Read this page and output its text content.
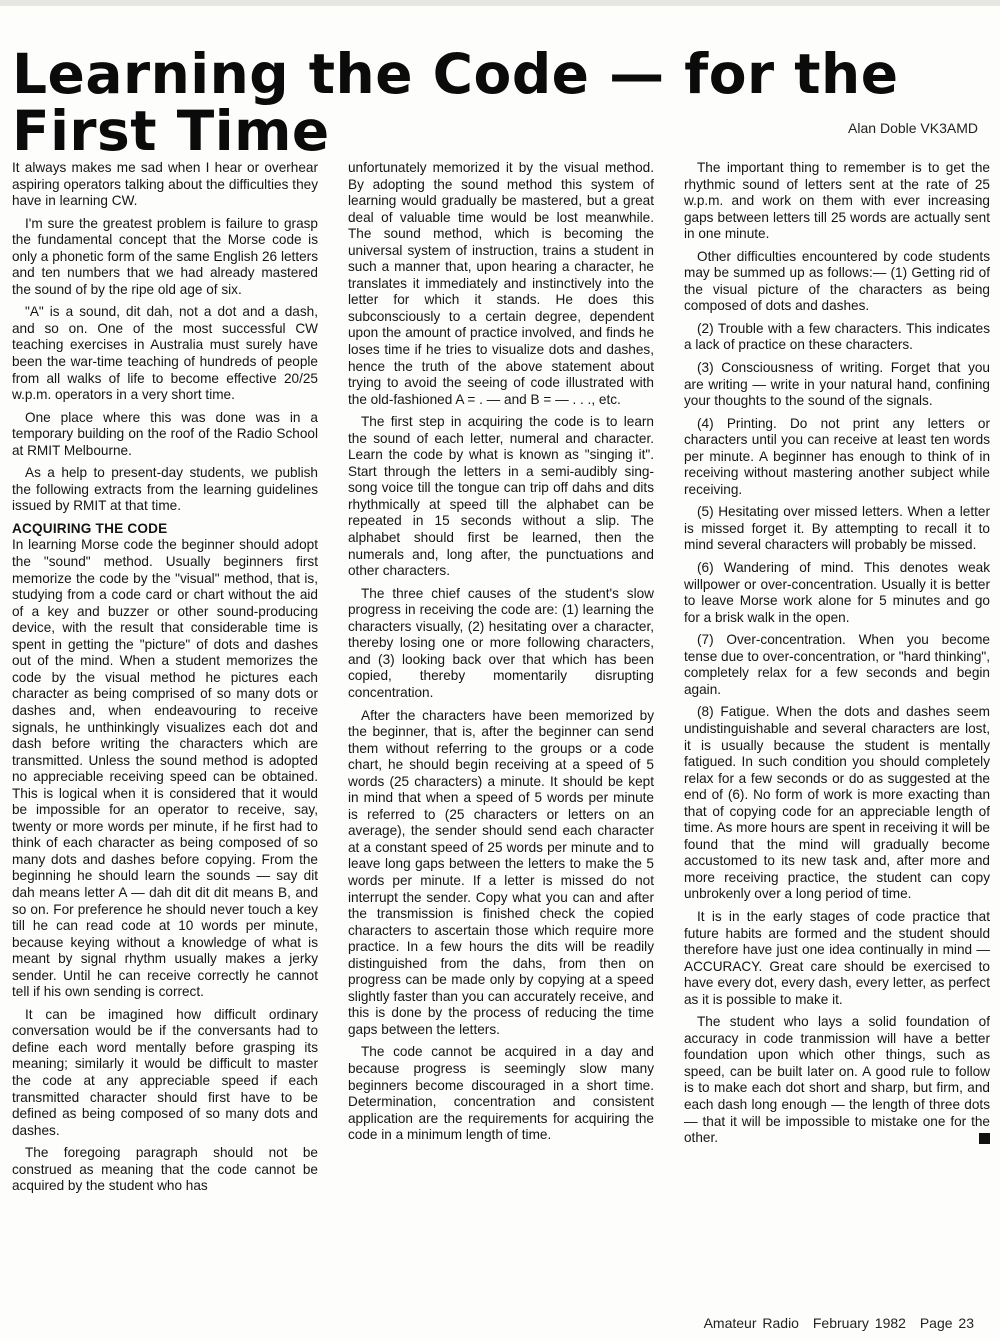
Learning the Code — for the First Time	Alan Doble VK3AMD

It always makes me sad when I hear or overhear aspiring operators talking about the difficulties they have in learning CW.

I'm sure the greatest problem is failure to grasp the fundamental concept that the Morse code is only a phonetic form of the same English 26 letters and ten numbers that we had already mastered the sound of by the ripe old age of six.

"A" is a sound, dit dah, not a dot and a dash, and so on. One of the most successful CW teaching exercises in Australia must surely have been the war-time teaching of hundreds of people from all walks of life to become effective 20/25 w.p.m. operators in a very short time.

One place where this was done was in a temporary building on the roof of the Radio School at RMIT Melbourne.

As a help to present-day students, we publish the following extracts from the learning guidelines issued by RMIT at that time.

ACQUIRING THE CODE

In learning Morse code the beginner should adopt the "sound" method. Usually beginners first memorize the code by the "visual" method, that is, studying from a code card or chart without the aid of a key and buzzer or other sound-producing device, with the result that considerable time is spent in getting the "picture" of dots and dashes out of the mind. When a student memorizes the code by the visual method he pictures each character as being comprised of so many dots or dashes and, when endeavouring to receive signals, he unthinkingly visualizes each dot and dash before writing the characters which are transmitted. Unless the sound method is adopted no appreciable receiving speed can be obtained. This is logical when it is considered that it would be impossible for an operator to receive, say, twenty or more words per minute, if he first had to think of each character as being composed of so many dots and dashes before copying. From the beginning he should learn the sounds — say dit dah means letter A — dah dit dit dit means B, and so on. For preference he should never touch a key till he can read code at 10 words per minute, because keying without a knowledge of what is meant by signal rhythm usually makes a jerky sender. Until he can receive correctly he cannot tell if his own sending is correct.

It can be imagined how difficult ordinary conversation would be if the conversants had to define each word mentally before grasping its meaning; similarly it would be difficult to master the code at any appreciable speed if each transmitted character should first have to be defined as being composed of so many dots and dashes.

The foregoing paragraph should not be construed as meaning that the code cannot be acquired by the student who has

unfortunately memorized it by the visual method. By adopting the sound method this system of learning would gradually be mastered, but a great deal of valuable time would be lost meanwhile. The sound method, which is becoming the universal system of instruction, trains a student in such a manner that, upon hearing a character, he translates it immediately and instinctively into the letter for which it stands. He does this subconsciously to a certain degree, dependent upon the amount of practice involved, and finds he loses time if he tries to visualize dots and dashes, hence the truth of the above statement about trying to avoid the seeing of code illustrated with the old-fashioned A = . — and B = — . . ., etc.

The first step in acquiring the code is to learn the sound of each letter, numeral and character. Learn the code by what is known as "singing it". Start through the letters in a semi-audibly sing-song voice till the tongue can trip off dahs and dits rhythmically at speed till the alphabet can be repeated in 15 seconds without a slip. The alphabet should first be learned, then the numerals and, long after, the punctuations and other characters.

The three chief causes of the student's slow progress in receiving the code are: (1) learning the characters visually, (2) hesitating over a character, thereby losing one or more following characters, and (3) looking back over that which has been copied, thereby momentarily disrupting concentration.

After the characters have been memorized by the beginner, that is, after the beginner can send them without referring to the groups or a code chart, he should begin receiving at a speed of 5 words (25 characters) a minute. It should be kept in mind that when a speed of 5 words per minute is referred to (25 characters or letters on an average), the sender should send each character at a constant speed of 25 words per minute and to leave long gaps between the letters to make the 5 words per minute. If a letter is missed do not interrupt the sender. Copy what you can and after the transmission is finished check the copied characters to ascertain those which require more practice. In a few hours the dits will be readily distinguished from the dahs, from then on progress can be made only by copying at a speed slightly faster than you can accurately receive, and this is done by the process of reducing the time gaps between the letters.

The code cannot be acquired in a day and because progress is seemingly slow many beginners become discouraged in a short time. Determination, concentration and consistent application are the requirements for acquiring the code in a minimum length of time.

The important thing to remember is to get the rhythmic sound of letters sent at the rate of 25 w.p.m. and work on them with ever increasing gaps between letters till 25 words are actually sent in one minute.

Other difficulties encountered by code students may be summed up as follows:— (1) Getting rid of the visual picture of the characters as being composed of dots and dashes.

(2) Trouble with a few characters. This indicates a lack of practice on these characters.

(3) Consciousness of writing. Forget that you are writing — write in your natural hand, confining your thoughts to the sound of the signals.

(4) Printing. Do not print any letters or characters until you can receive at least ten words per minute. A beginner has enough to think of in receiving without mastering another subject while receiving.

(5) Hesitating over missed letters. When a letter is missed forget it. By attempting to recall it to mind several characters will probably be missed.

(6) Wandering of mind. This denotes weak willpower or over-concentration. Usually it is better to leave Morse work alone for 5 minutes and go for a brisk walk in the open.

(7) Over-concentration. When you become tense due to over-concentration, or "hard thinking", completely relax for a few seconds and begin again.

(8) Fatigue. When the dots and dashes seem undistinguishable and several characters are lost, it is usually because the student is mentally fatigued. In such condition you should completely relax for a few seconds or do as suggested at the end of (6). No form of work is more exacting than that of copying code for an appreciable length of time. As more hours are spent in receiving it will be found that the mind will gradually become accustomed to its new task and, after more and more receiving practice, the student can copy unbrokenly over a long period of time.

It is in the early stages of code practice that future habits are formed and the student should therefore have just one idea continually in mind — ACCURACY. Great care should be exercised to have every dot, every dash, every letter, as perfect as it is possible to make it.

The student who lays a solid foundation of accuracy in code tranmission will have a better foundation upon which other things, such as speed, can be built later on. A good rule to follow is to make each dot short and sharp, but firm, and each dash long enough — the length of three dots — that it will be impossible to mistake one for the other.

Amateur Radio February 1982 Page 23
